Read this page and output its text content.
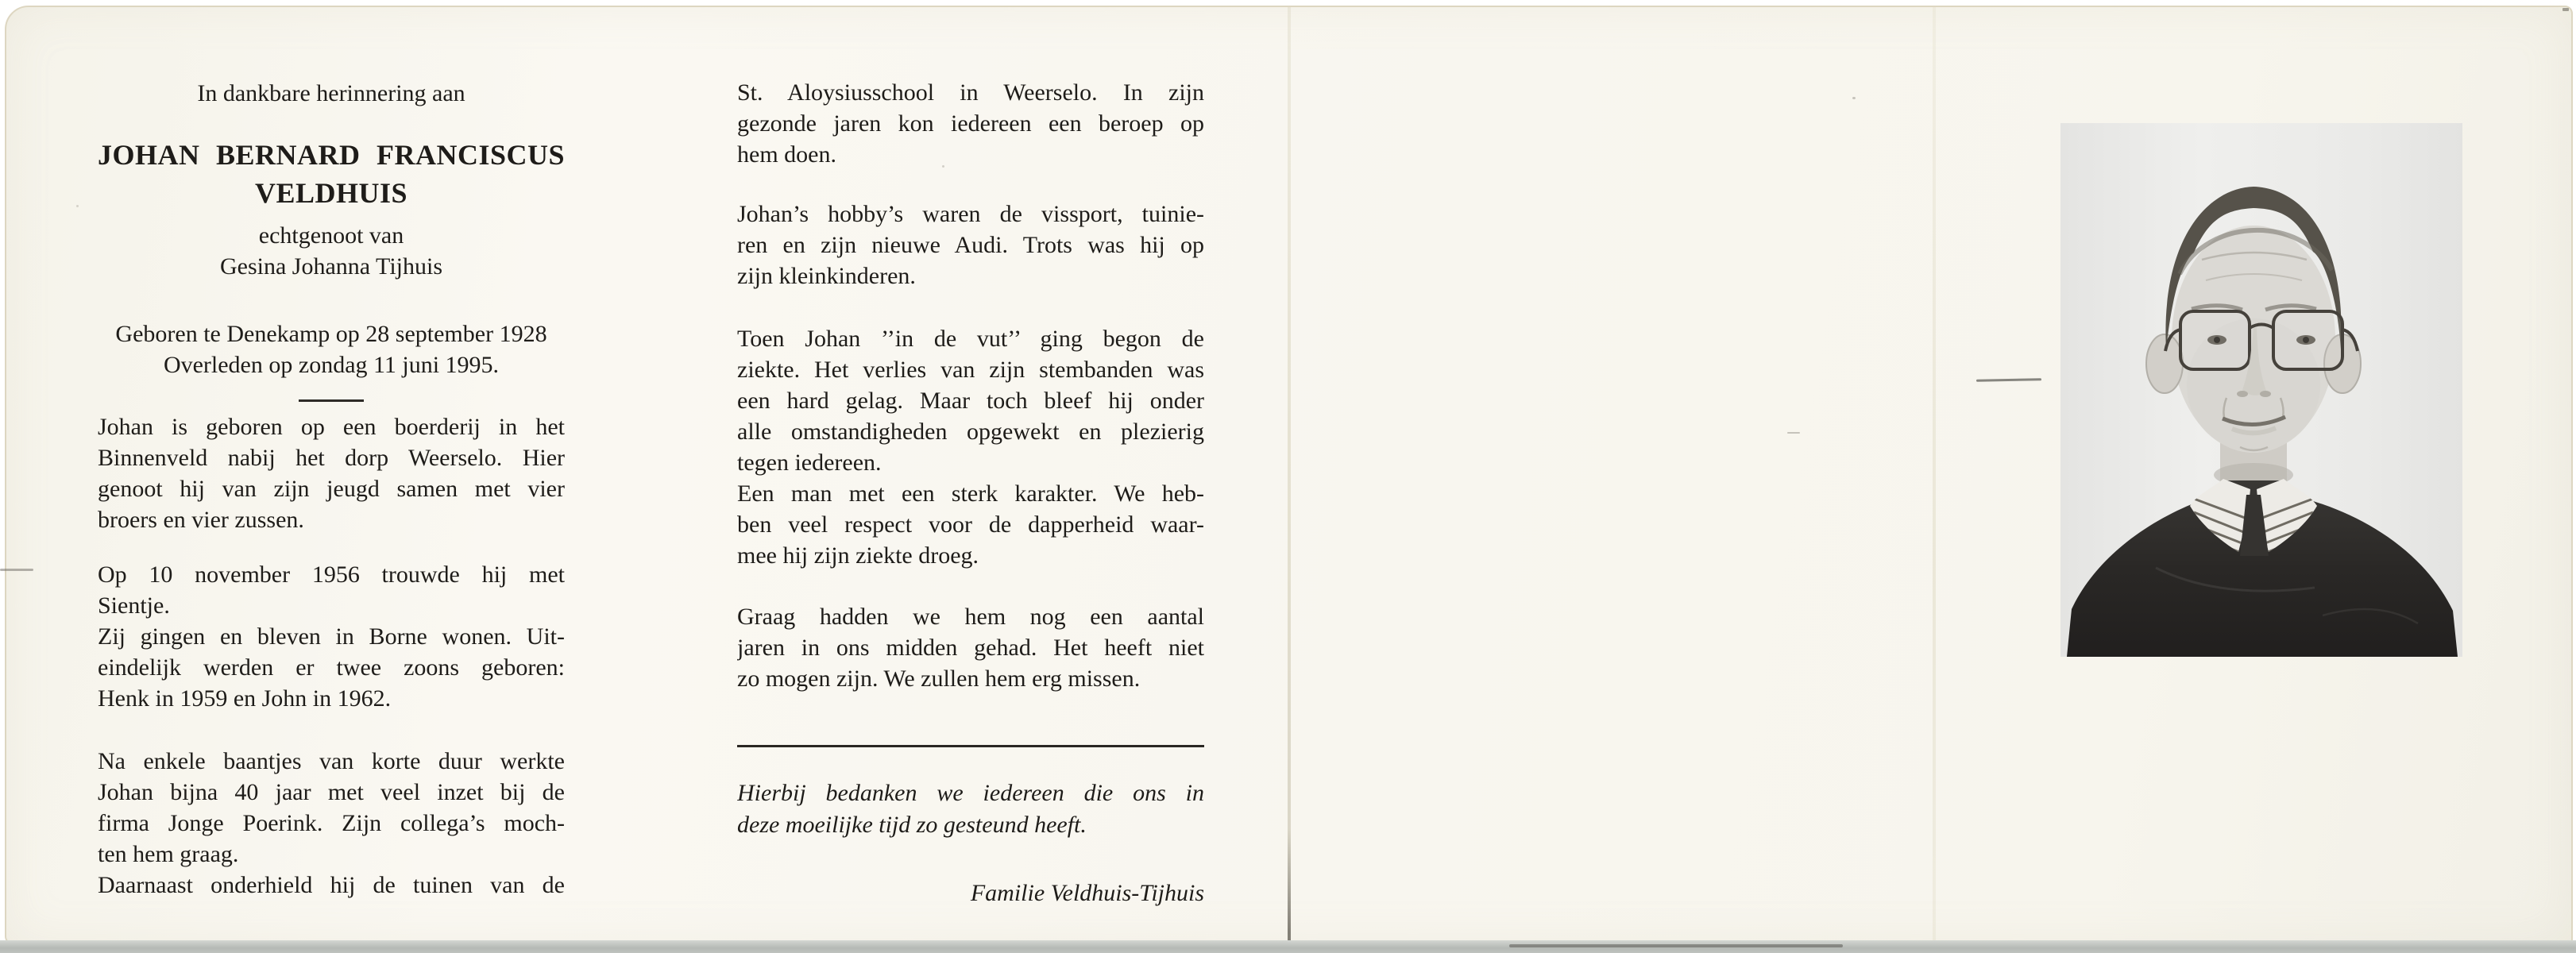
In dankbare herinnering aan
JOHAN BERNARD FRANCISCUS
VELDHUIS
echtgenoot van
Gesina Johanna Tijhuis
Geboren te Denekamp op 28 september 1928
Overleden op zondag 11 juni 1995.
Johan is geboren op een boerderij in het
Binnenveld nabij het dorp Weerselo. Hier
genoot hij van zijn jeugd samen met vier
broers en vier zussen.
Op 10 november 1956 trouwde hij met
Sientje.
Zij gingen en bleven in Borne wonen. Uit-
eindelijk werden er twee zoons geboren:
Henk in 1959 en John in 1962.
Na enkele baantjes van korte duur werkte
Johan bijna 40 jaar met veel inzet bij de
firma Jonge Poerink. Zijn collega’s moch-
ten hem graag.
Daarnaast onderhield hij de tuinen van de
St. Aloysiusschool in Weerselo. In zijn
gezonde jaren kon iedereen een beroep op
hem doen.
Johan’s hobby’s waren de vissport, tuinie-
ren en zijn nieuwe Audi. Trots was hij op
zijn kleinkinderen.
Toen Johan ’’in de vut’’ ging begon de
ziekte. Het verlies van zijn stembanden was
een hard gelag. Maar toch bleef hij onder
alle omstandigheden opgewekt en plezierig
tegen iedereen.
Een man met een sterk karakter. We heb-
ben veel respect voor de dapperheid waar-
mee hij zijn ziekte droeg.
Graag hadden we hem nog een aantal
jaren in ons midden gehad. Het heeft niet
zo mogen zijn. We zullen hem erg missen.
Hierbij bedanken we iedereen die ons in
deze moeilijke tijd zo gesteund heeft.
Familie Veldhuis-Tijhuis
